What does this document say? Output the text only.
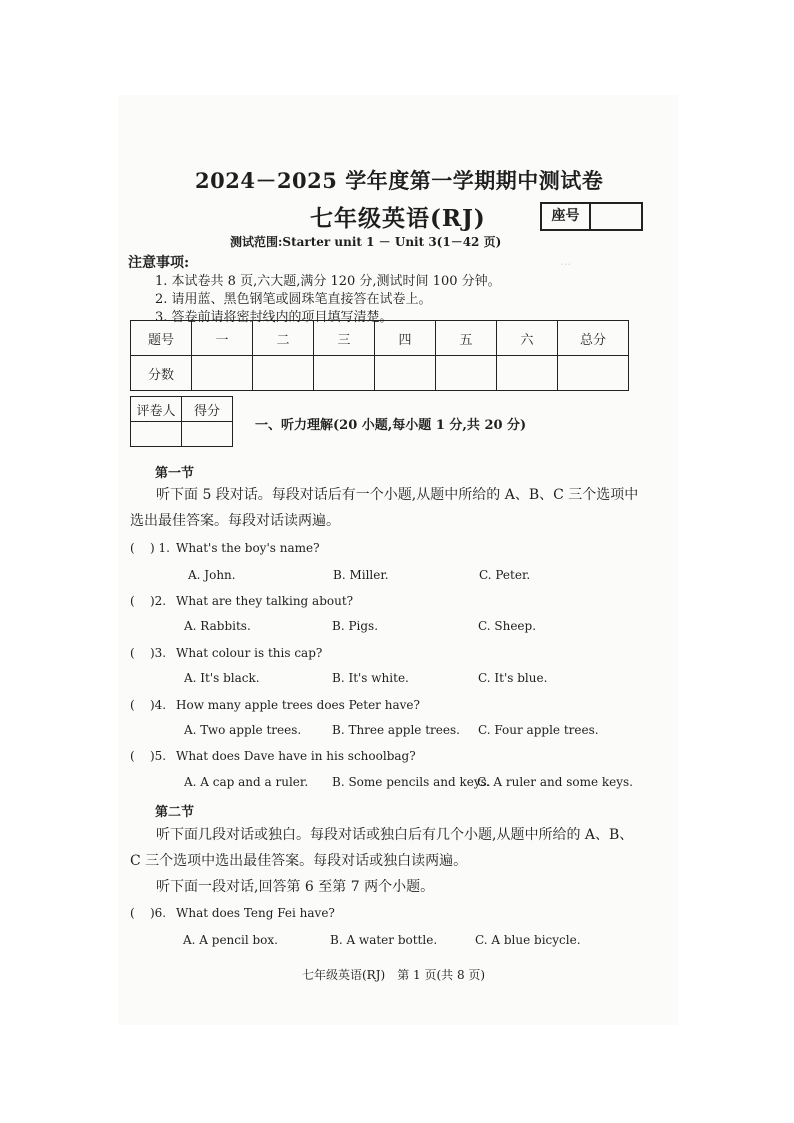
…
2024－2025 学年度第一学期期中测试卷
七年级英语(RJ)	座号
测试范围:Starter unit 1 － Unit 3(1－42 页)
注意事项:
1. 本试卷共 8 页,六大题,满分 120 分,测试时间 100 分钟。
2. 请用蓝、黑色钢笔或圆珠笔直接答在试卷上。
3. 答卷前请将密封线内的项目填写清楚。
题号	一	二	三	四	五	六	总分
分数							
评卷人	得分

一、听力理解(20 小题,每小题 1 分,共 20 分)
第一节
听下面 5 段对话。每段对话后有一个小题,从题中所给的 A、B、C 三个选项中选出最佳答案。每段对话读两遍。
( ) 1. What's the boy's name?
A. John.	B. Miller.	C. Peter.
( )2. What are they talking about?
A. Rabbits.	B. Pigs.	C. Sheep.
( )3. What colour is this cap?
A. It's black.	B. It's white.	C. It's blue.
( )4. How many apple trees does Peter have?
A. Two apple trees.	B. Three apple trees. C. Four apple trees.
( )5. What does Dave have in his schoolbag?
A. A cap and a ruler. B. Some pencils and keys.
C. A ruler and some keys.
第二节
听下面几段对话或独白。每段对话或独白后有几个小题,从题中所给的 A、B、C 三个选项中选出最佳答案。每段对话或独白读两遍。
听下面一段对话,回答第 6 至第 7 两个小题。
( )6. What does Teng Fei have?
A. A pencil box.	B. A water bottle.	C. A blue bicycle.
七年级英语(RJ)　第 1 页(共 8 页)
